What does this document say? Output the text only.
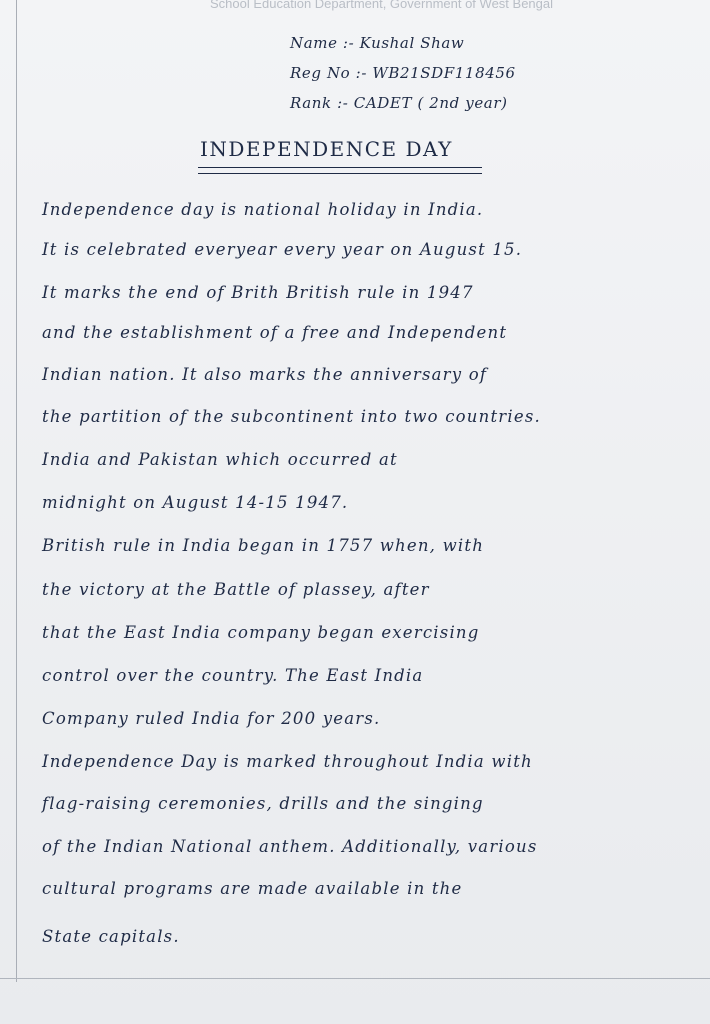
School Education Department, Government of West Bengal
Name :- Kushal Shaw
Reg No :- WB21SDF118456
Rank :- CADET ( 2nd year)
INDEPENDENCE DAY
Independence day is national holiday in India.
It is celebrated everyear every year on August 15.
It marks the end of Brith British rule in 1947
and the establishment of a free and Independent
Indian nation. It also marks the anniversary of
the partition of the subcontinent into two countries.
India and Pakistan which occurred at
midnight on August 14-15 1947.
British rule in India began in 1757 when, with
the victory at the Battle of plassey, after
that the East India company began exercising
control over the country. The East India
Company ruled India for 200 years.
Independence Day is marked throughout India with
flag-raising ceremonies, drills and the singing
of the Indian National anthem. Additionally, various
cultural programs are made available in the
State capitals.
